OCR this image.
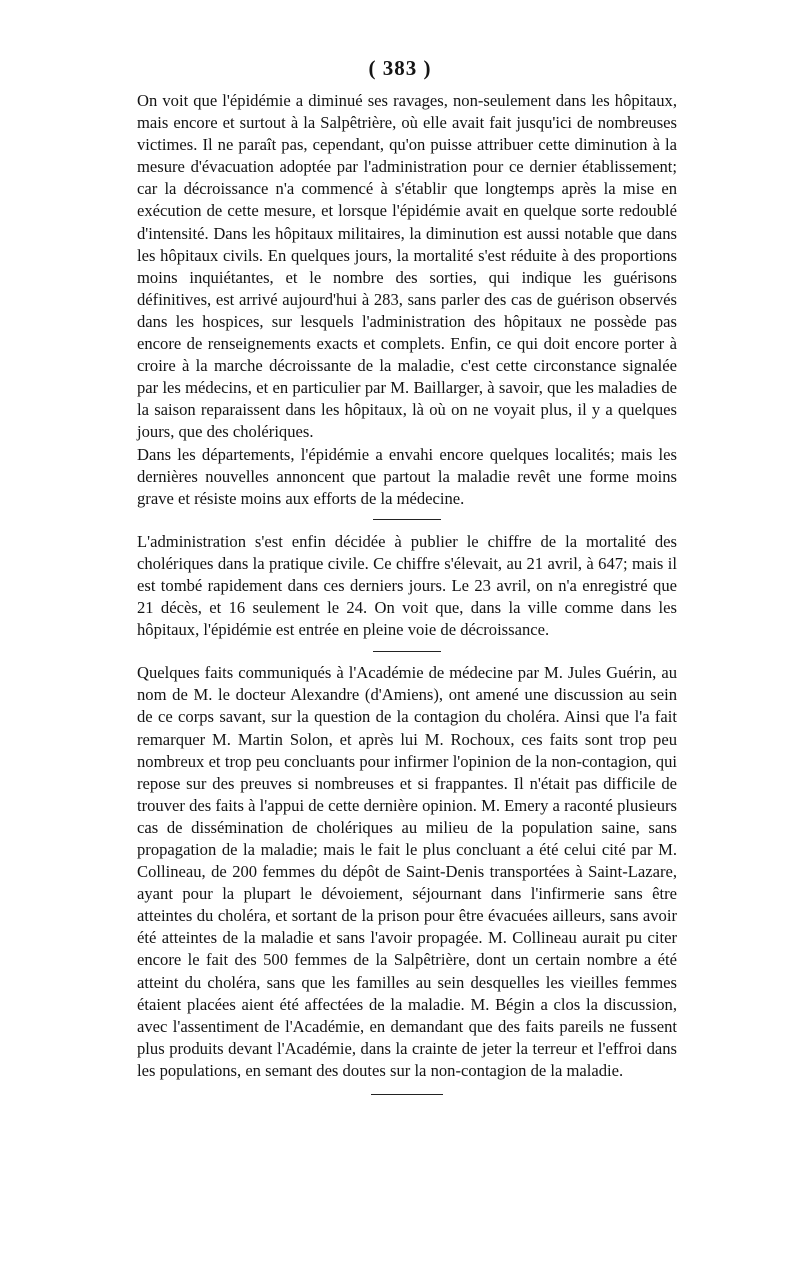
( 383 )

On voit que l'épidémie a diminué ses ravages, non-seulement dans les hôpitaux, mais encore et surtout à la Salpêtrière, où elle avait fait jusqu'ici de nombreuses victimes. Il ne paraît pas, cependant, qu'on puisse attribuer cette diminution à la mesure d'évacuation adoptée par l'administration pour ce dernier établissement; car la décroissance n'a commencé à s'établir que longtemps après la mise en exécution de cette mesure, et lorsque l'épidémie avait en quelque sorte redoublé d'intensité. Dans les hôpitaux militaires, la diminution est aussi notable que dans les hôpitaux civils. En quelques jours, la mortalité s'est réduite à des proportions moins inquiétantes, et le nombre des sorties, qui indique les guérisons définitives, est arrivé aujourd'hui à 283, sans parler des cas de guérison observés dans les hospices, sur lesquels l'administration des hôpitaux ne possède pas encore de renseignements exacts et complets. Enfin, ce qui doit encore porter à croire à la marche décroissante de la maladie, c'est cette circonstance signalée par les médecins, et en particulier par M. Baillarger, à savoir, que les maladies de la saison reparaissent dans les hôpitaux, là où on ne voyait plus, il y a quelques jours, que des cholériques.

Dans les départements, l'épidémie a envahi encore quelques localités; mais les dernières nouvelles annoncent que partout la maladie revêt une forme moins grave et résiste moins aux efforts de la médecine.

L'administration s'est enfin décidée à publier le chiffre de la mortalité des cholériques dans la pratique civile. Ce chiffre s'élevait, au 21 avril, à 647; mais il est tombé rapidement dans ces derniers jours. Le 23 avril, on n'a enregistré que 21 décès, et 16 seulement le 24. On voit que, dans la ville comme dans les hôpitaux, l'épidémie est entrée en pleine voie de décroissance.

Quelques faits communiqués à l'Académie de médecine par M. Jules Guérin, au nom de M. le docteur Alexandre (d'Amiens), ont amené une discussion au sein de ce corps savant, sur la question de la contagion du choléra. Ainsi que l'a fait remarquer M. Martin Solon, et après lui M. Rochoux, ces faits sont trop peu nombreux et trop peu concluants pour infirmer l'opinion de la non-contagion, qui repose sur des preuves si nombreuses et si frappantes. Il n'était pas difficile de trouver des faits à l'appui de cette dernière opinion. M. Emery a raconté plusieurs cas de dissémination de cholériques au milieu de la population saine, sans propagation de la maladie; mais le fait le plus concluant a été celui cité par M. Collineau, de 200 femmes du dépôt de Saint-Denis transportées à Saint-Lazare, ayant pour la plupart le dévoiement, séjournant dans l'infirmerie sans être atteintes du choléra, et sortant de la prison pour être évacuées ailleurs, sans avoir été atteintes de la maladie et sans l'avoir propagée. M. Collineau aurait pu citer encore le fait des 500 femmes de la Salpêtrière, dont un certain nombre a été atteint du choléra, sans que les familles au sein desquelles les vieilles femmes étaient placées aient été affectées de la maladie. M. Bégin a clos la discussion, avec l'assentiment de l'Académie, en demandant que des faits pareils ne fussent plus produits devant l'Académie, dans la crainte de jeter la terreur et l'effroi dans les populations, en semant des doutes sur la non-contagion de la maladie.
